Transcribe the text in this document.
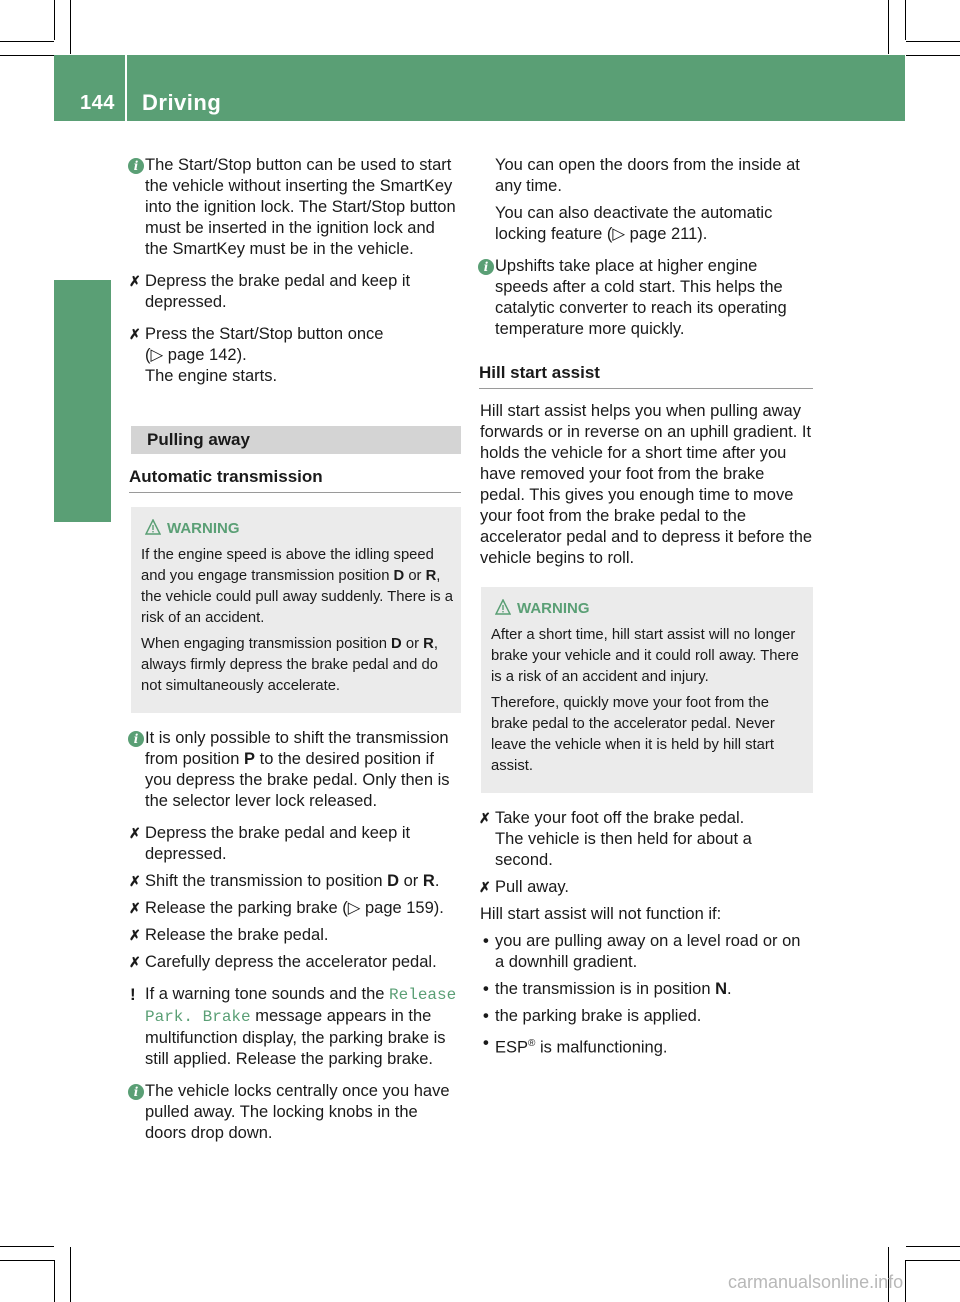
144 Driving
i The Start/Stop button can be used to start the vehicle without inserting the SmartKey into the ignition lock. The Start/Stop button must be inserted in the ignition lock and the SmartKey must be in the vehicle.
✗ Depress the brake pedal and keep it depressed.
✗ Press the Start/Stop button once
(▷ page 142).
The engine starts.
Pulling away
Automatic transmission
WARNING

If the engine speed is above the idling speed and you engage transmission position D or R, the vehicle could pull away suddenly. There is a risk of an accident.

When engaging transmission position D or R, always firmly depress the brake pedal and do not simultaneously accelerate.

i It is only possible to shift the transmission from position P to the desired position if you depress the brake pedal. Only then is the selector lever lock released.
✗ Depress the brake pedal and keep it depressed.
✗ Shift the transmission to position D or R.
✗ Release the parking brake (▷ page 159).
✗ Release the brake pedal.
✗ Carefully depress the accelerator pedal.
! If a warning tone sounds and the Release Park. Brake message appears in the multifunction display, the parking brake is still applied. Release the parking brake.
i The vehicle locks centrally once you have pulled away. The locking knobs in the doors drop down.
You can open the doors from the inside at any time.
You can also deactivate the automatic locking feature (▷ page 211).
i Upshifts take place at higher engine speeds after a cold start. This helps the catalytic converter to reach its operating temperature more quickly.
Hill start assist
Hill start assist helps you when pulling away forwards or in reverse on an uphill gradient. It holds the vehicle for a short time after you have removed your foot from the brake pedal. This gives you enough time to move your foot from the brake pedal to the accelerator pedal and to depress it before the vehicle begins to roll.
WARNING

After a short time, hill start assist will no longer brake your vehicle and it could roll away. There is a risk of an accident and injury.

Therefore, quickly move your foot from the brake pedal to the accelerator pedal. Never leave the vehicle when it is held by hill start assist.

✗ Take your foot off the brake pedal.
The vehicle is then held for about a second.
✗ Pull away.
Hill start assist will not function if:
• you are pulling away on a level road or on a downhill gradient.
• the transmission is in position N.
• the parking brake is applied.
• ESP® is malfunctioning.
carmanualsonline.info
